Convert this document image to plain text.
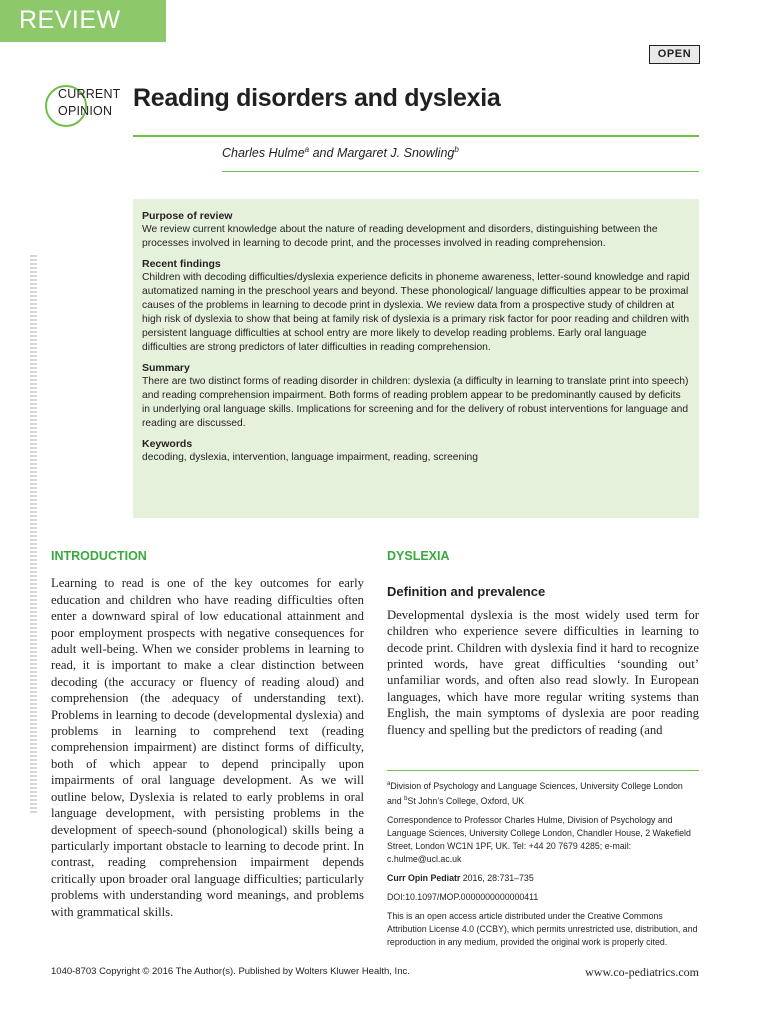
REVIEW
OPEN
CURRENT
OPINION Reading disorders and dyslexia
Charles Hulme$^a$ and Margaret J. Snowling$^b$
Purpose of review

We review current knowledge about the nature of reading development and disorders, distinguishing between the processes involved in learning to decode print, and the processes involved in reading comprehension.

Recent findings

Children with decoding difficulties/dyslexia experience deficits in phoneme awareness, letter-sound knowledge and rapid automatized naming in the preschool years and beyond. These phonological/ language difficulties appear to be proximal causes of the problems in learning to decode print in dyslexia. We review data from a prospective study of children at high risk of dyslexia to show that being at family risk of dyslexia is a primary risk factor for poor reading and children with persistent language difficulties at school entry are more likely to develop reading problems. Early oral language difficulties are strong predictors of later difficulties in reading comprehension.

Summary

There are two distinct forms of reading disorder in children: dyslexia (a difficulty in learning to translate print into speech) and reading comprehension impairment. Both forms of reading problem appear to be predominantly caused by deficits in underlying oral language skills. Implications for screening and for the delivery of robust interventions for language and reading are discussed.

Keywords

decoding, dyslexia, intervention, language impairment, reading, screening

INTRODUCTION

Learning to read is one of the key outcomes for early education and children who have reading difficulties often enter a downward spiral of low educational attainment and poor employment prospects with negative consequences for adult well-being. When we consider problems in learning to read, it is important to make a clear distinction between decoding (the accuracy or fluency of reading aloud) and comprehension (the adequacy of understanding text). Problems in learning to decode (developmental dyslexia) and problems in learning to comprehend text (reading comprehension impairment) are distinct forms of difficulty, both of which appear to depend principally upon impairments of oral language development. As we will outline below, Dyslexia is related to early problems in oral language development, with persisting problems in the development of speech-sound (phonological) skills being a particularly important obstacle to learning to decode print. In contrast, reading comprehension impairment depends critically upon broader oral language difficulties; particularly problems with understanding word meanings, and problems with grammatical skills.

DYSLEXIA
Definition and prevalence

Developmental dyslexia is the most widely used term for children who experience severe difficulties in learning to decode print. Children with dyslexia find it hard to recognize printed words, have great difficulties ‘sounding out’ unfamiliar words, and often also read slowly. In European languages, which have more regular writing systems than English, the main symptoms of dyslexia are poor reading fluency and spelling but the predictors of reading (and

$^a$Division of Psychology and Language Sciences, University College London and $^b$St John’s College, Oxford, UK

Correspondence to Professor Charles Hulme, Division of Psychology and Language Sciences, University College London, Chandler House, 2 Wakefield Street, London WC1N 1PF, UK. Tel: +44 20 7679 4285; e-mail: c.hulme@ucl.ac.uk

Curr Opin Pediatr 2016, 28:731–735

DOI:10.1097/MOP.0000000000000411

This is an open access article distributed under the Creative Commons Attribution License 4.0 (CCBY), which permits unrestricted use, distribution, and reproduction in any medium, provided the original work is properly cited.

1040-8703 Copyright © 2016 The Author(s). Published by Wolters Kluwer Health, Inc.	www.co-pediatrics.com
